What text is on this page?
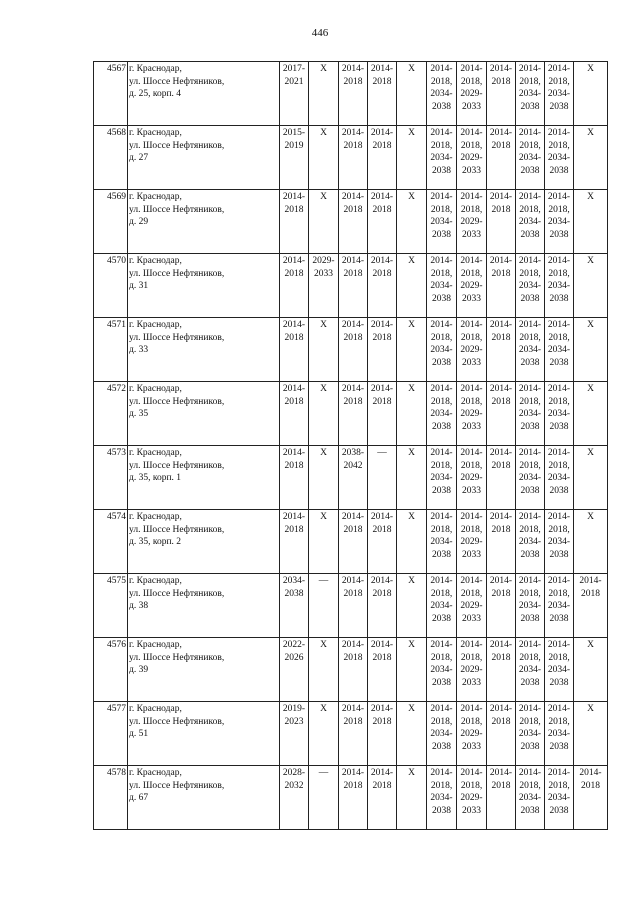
446
4567	г. Краснодар,
ул. Шоссе Нефтяников,
д. 25, корп. 4	2017-
2021	X	2014-
2018	2014-
2018	X	2014-
2018,
2034-
2038	2014-
2018,
2029-
2033	2014-
2018	2014-
2018,
2034-
2038	2014-
2018,
2034-
2038	X

4568	г. Краснодар,
ул. Шоссе Нефтяников,
д. 27	2015-
2019	X	2014-
2018	2014-
2018	X	2014-
2018,
2034-
2038	2014-
2018,
2029-
2033	2014-
2018	2014-
2018,
2034-
2038	2014-
2018,
2034-
2038	X

4569	г. Краснодар,
ул. Шоссе Нефтяников,
д. 29	2014-
2018	X	2014-
2018	2014-
2018	X	2014-
2018,
2034-
2038	2014-
2018,
2029-
2033	2014-
2018	2014-
2018,
2034-
2038	2014-
2018,
2034-
2038	X

4570	г. Краснодар,
ул. Шоссе Нефтяников,
д. 31	2014-
2018	2029-
2033	2014-
2018	2014-
2018	X	2014-
2018,
2034-
2038	2014-
2018,
2029-
2033	2014-
2018	2014-
2018,
2034-
2038	2014-
2018,
2034-
2038	X

4571	г. Краснодар,
ул. Шоссе Нефтяников,
д. 33	2014-
2018	X	2014-
2018	2014-
2018	X	2014-
2018,
2034-
2038	2014-
2018,
2029-
2033	2014-
2018	2014-
2018,
2034-
2038	2014-
2018,
2034-
2038	X

4572	г. Краснодар,
ул. Шоссе Нефтяников,
д. 35	2014-
2018	X	2014-
2018	2014-
2018	X	2014-
2018,
2034-
2038	2014-
2018,
2029-
2033	2014-
2018	2014-
2018,
2034-
2038	2014-
2018,
2034-
2038	X

4573	г. Краснодар,
ул. Шоссе Нефтяников,
д. 35, корп. 1	2014-
2018	X	2038-
2042	—	X	2014-
2018,
2034-
2038	2014-
2018,
2029-
2033	2014-
2018	2014-
2018,
2034-
2038	2014-
2018,
2034-
2038	X

4574	г. Краснодар,
ул. Шоссе Нефтяников,
д. 35, корп. 2	2014-
2018	X	2014-
2018	2014-
2018	X	2014-
2018,
2034-
2038	2014-
2018,
2029-
2033	2014-
2018	2014-
2018,
2034-
2038	2014-
2018,
2034-
2038	X

4575	г. Краснодар,
ул. Шоссе Нефтяников,
д. 38	2034-
2038	—	2014-
2018	2014-
2018	X	2014-
2018,
2034-
2038	2014-
2018,
2029-
2033	2014-
2018	2014-
2018,
2034-
2038	2014-
2018,
2034-
2038	2014-
2018

4576	г. Краснодар,
ул. Шоссе Нефтяников,
д. 39	2022-
2026	X	2014-
2018	2014-
2018	X	2014-
2018,
2034-
2038	2014-
2018,
2029-
2033	2014-
2018	2014-
2018,
2034-
2038	2014-
2018,
2034-
2038	X

4577	г. Краснодар,
ул. Шоссе Нефтяников,
д. 51	2019-
2023	X	2014-
2018	2014-
2018	X	2014-
2018,
2034-
2038	2014-
2018,
2029-
2033	2014-
2018	2014-
2018,
2034-
2038	2014-
2018,
2034-
2038	X

4578	г. Краснодар,
ул. Шоссе Нефтяников,
д. 67	2028-
2032	—	2014-
2018	2014-
2018	X	2014-
2018,
2034-
2038	2014-
2018,
2029-
2033	2014-
2018	2014-
2018,
2034-
2038	2014-
2018,
2034-
2038	2014-
2018
